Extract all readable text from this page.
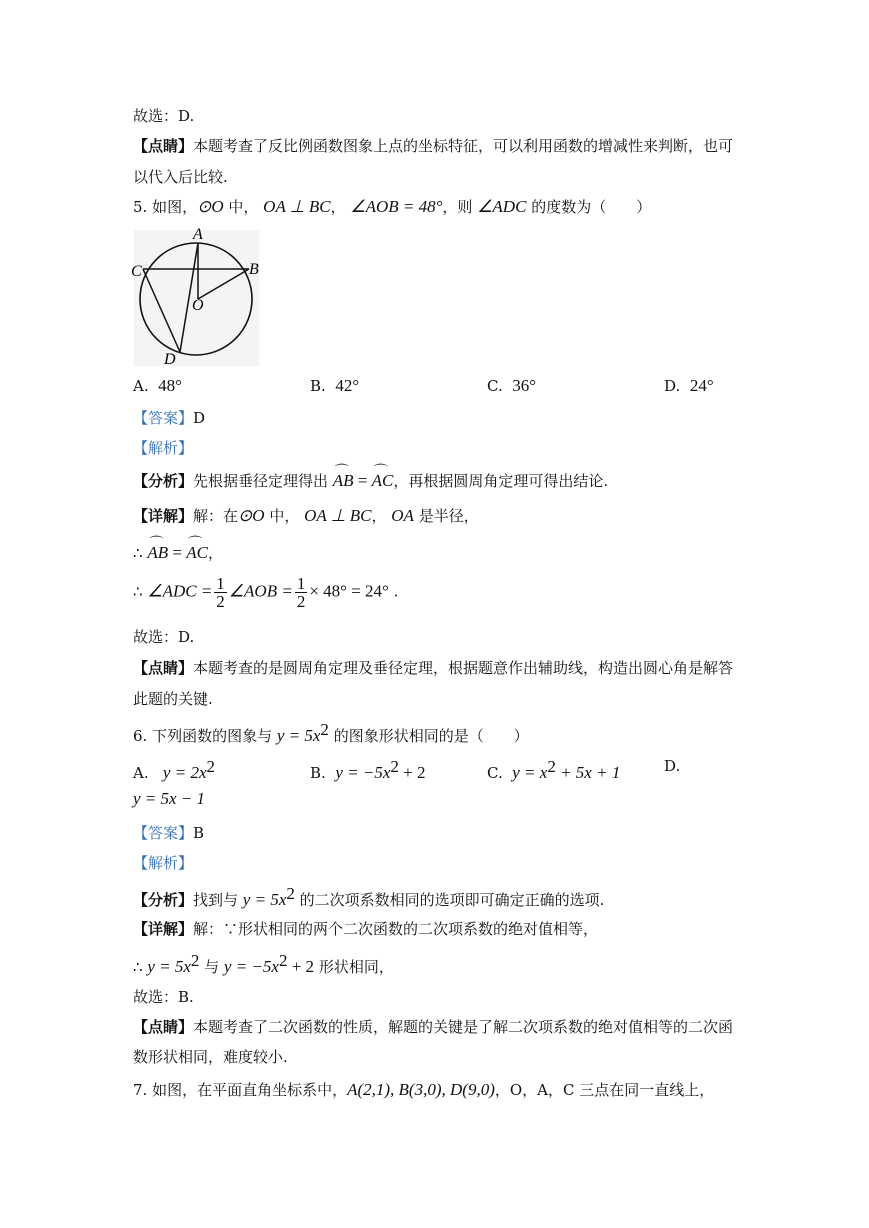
故选：D.
【点睛】本题考查了反比例函数图象上点的坐标特征，可以利用函数的增减性来判断，也可
以代入后比较.
5. 如图，⊙O 中， OA ⊥ BC， ∠AOB = 48°，则 ∠ADC 的度数为（　　）
A
B
C
D
O
A. 48°	B. 42°	C. 36°	D. 24°
【答案】D
【解析】
【分析】先根据垂径定理得出 ⌒ AB = ⌒ AC，再根据圆周角定理可得出结论.
【详解】解：在⊙O 中， OA ⊥ BC， OA 是半径，
∴ ⌒ AB = ⌒ AC，
∴ ∠ADC = $\frac{1}{2}$ ∠AOB = $\frac{1}{2} \times 48^\circ = 24^\circ$ .
故选：D.
【点睛】本题考查的是圆周角定理及垂径定理，根据题意作出辅助线，构造出圆心角是解答
此题的关键.
6. 下列函数的图象与 $y = 5x^2$ 的图象形状相同的是（　　）
A. $y = 2x^2$	B. $y = -5x^2 + 2$	C. $y = x^2 + 5x + 1$	D.
y = 5x − 1
【答案】B
【解析】
【分析】找到与 $y = 5x^2$ 的二次项系数相同的选项即可确定正确的选项.
【详解】解：∵形状相同的两个二次函数的二次项系数的绝对值相等，
∴ $y = 5x^2$ 与 $y = -5x^2 + 2$ 形状相同，
故选：B.
【点睛】本题考查了二次函数的性质，解题的关键是了解二次项系数的绝对值相等的二次函
数形状相同，难度较小.
7. 如图，在平面直角坐标系中，A(2,1), B(3,0), D(9,0)，O，A，C 三点在同一直线上，
